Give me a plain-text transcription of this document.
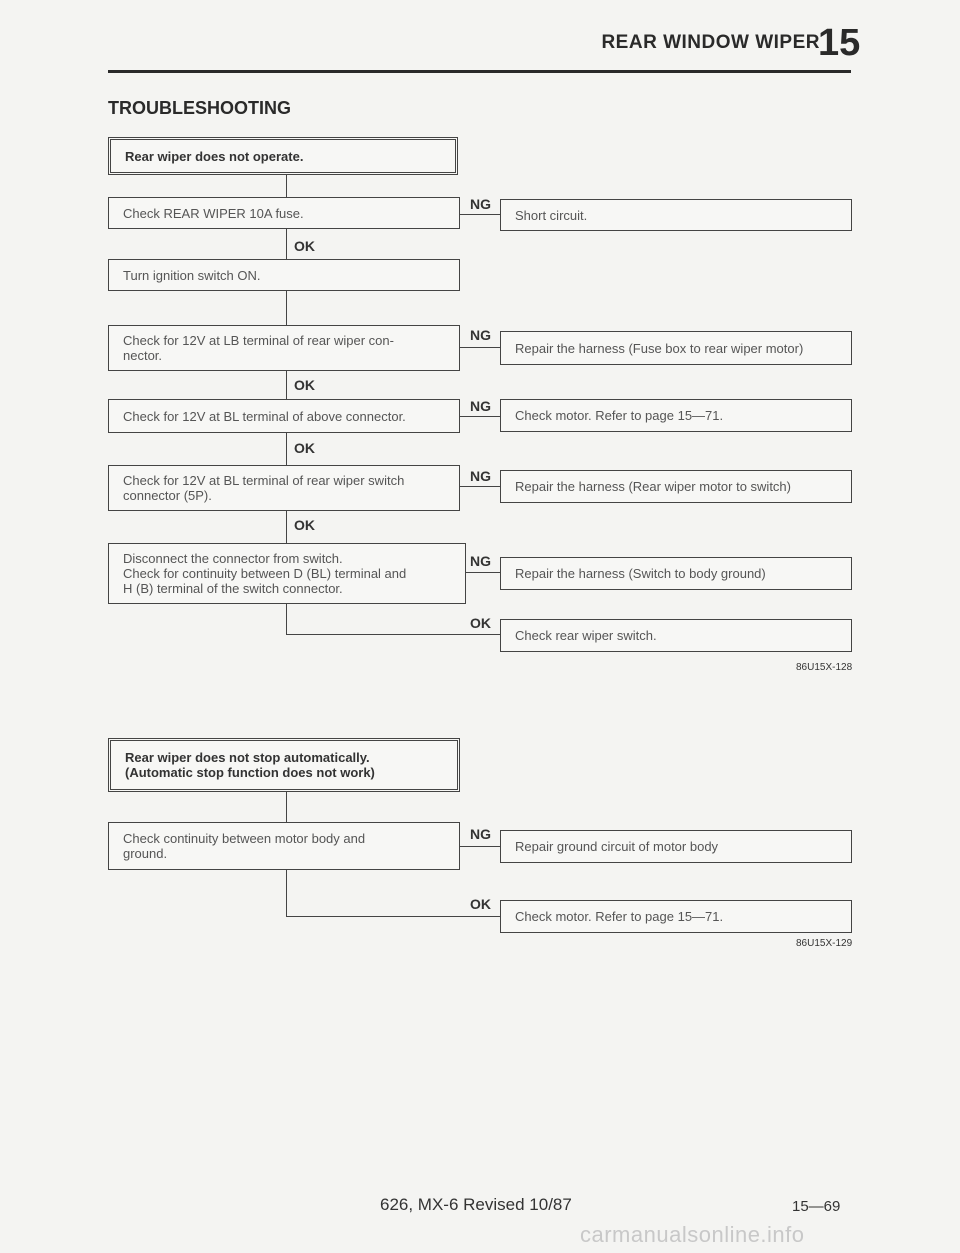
REAR WINDOW WIPER
15
TROUBLESHOOTING
Rear wiper does not operate.
Check REAR WIPER 10A fuse.
NG
Short circuit.
OK
Turn ignition switch ON.
Check for 12V at LB terminal of rear wiper con-
nector.
NG
Repair the harness (Fuse box to rear wiper motor)
OK
Check for 12V at BL terminal of above connector.
NG
Check motor. Refer to page 15—71.
OK
Check for 12V at BL terminal of rear wiper switch
connector (5P).
NG
Repair the harness (Rear wiper motor to switch)
OK
Disconnect the connector from switch.
Check for continuity between D (BL) terminal and
H (B) terminal of the switch connector.
NG
Repair the harness (Switch to body ground)
OK
Check rear wiper switch.
86U15X-128
Rear wiper does not stop automatically.
(Automatic stop function does not work)
Check continuity between motor body and
ground.
NG
Repair ground circuit of motor body
OK
Check motor. Refer to page 15—71.
86U15X-129
626, MX-6 Revised 10/87	15—69
carmanualsonline.info
